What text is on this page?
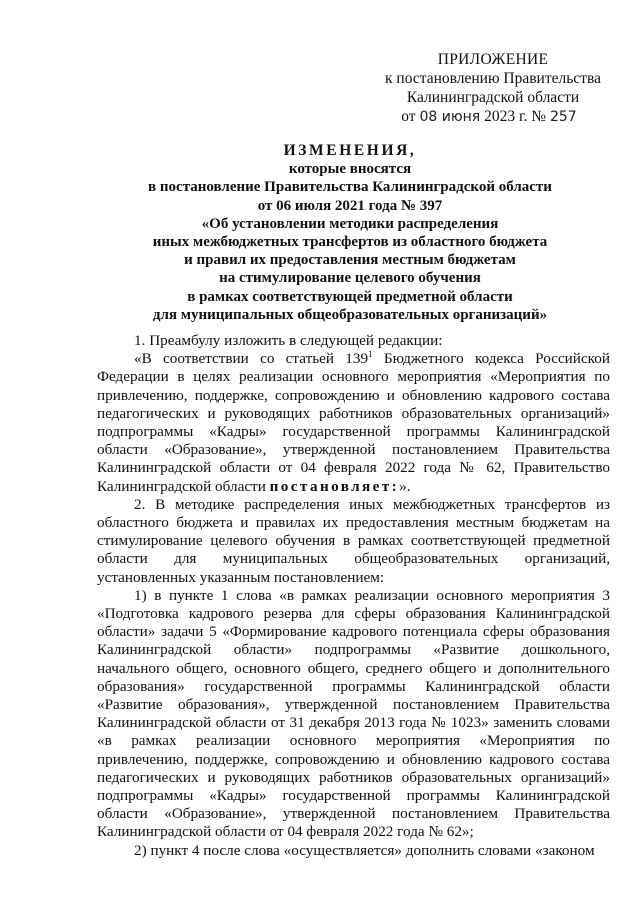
ПРИЛОЖЕНИЕ
к постановлению Правительства
Калининградской области
от 08 июня 2023 г. № 257
ИЗМЕНЕНИЯ,
которые вносятся
в постановление Правительства Калининградской области
от 06 июля 2021 года № 397
«Об установлении методики распределения
иных межбюджетных трансфертов из областного бюджета
и правил их предоставления местным бюджетам
на стимулирование целевого обучения
в рамках соответствующей предметной области
для муниципальных общеобразовательных организаций»

1. Преамбулу изложить в следующей редакции:

«В соответствии со статьей $139^1$ Бюджетного кодекса Российской Федерации в целях реализации основного мероприятия «Мероприятия по привлечению, поддержке, сопровождению и обновлению кадрового состава педагогических и руководящих работников образовательных организаций» подпрограммы «Кадры» государственной программы Калининградской области «Образование», утвержденной постановлением Правительства Калининградской области от 04 февраля 2022 года № 62, Правительство Калининградской области постановляет:».

2. В методике распределения иных межбюджетных трансфертов из областного бюджета и правилах их предоставления местным бюджетам на стимулирование целевого обучения в рамках соответствующей предметной области для муниципальных общеобразовательных организаций, установленных указанным постановлением:

1) в пункте 1 слова «в рамках реализации основного мероприятия 3 «Подготовка кадрового резерва для сферы образования Калининградской области» задачи 5 «Формирование кадрового потенциала сферы образования Калининградской области» подпрограммы «Развитие дошкольного, начального общего, основного общего, среднего общего и дополнительного образования» государственной программы Калининградской области «Развитие образования», утвержденной постановлением Правительства Калининградской области от 31 декабря 2013 года № 1023» заменить словами «в рамках реализации основного мероприятия «Мероприятия по привлечению, поддержке, сопровождению и обновлению кадрового состава педагогических и руководящих работников образовательных организаций» подпрограммы «Кадры» государственной программы Калининградской области «Образование», утвержденной постановлением Правительства Калининградской области от 04 февраля 2022 года № 62»;

2) пункт 4 после слова «осуществляется» дополнить словами «законом
